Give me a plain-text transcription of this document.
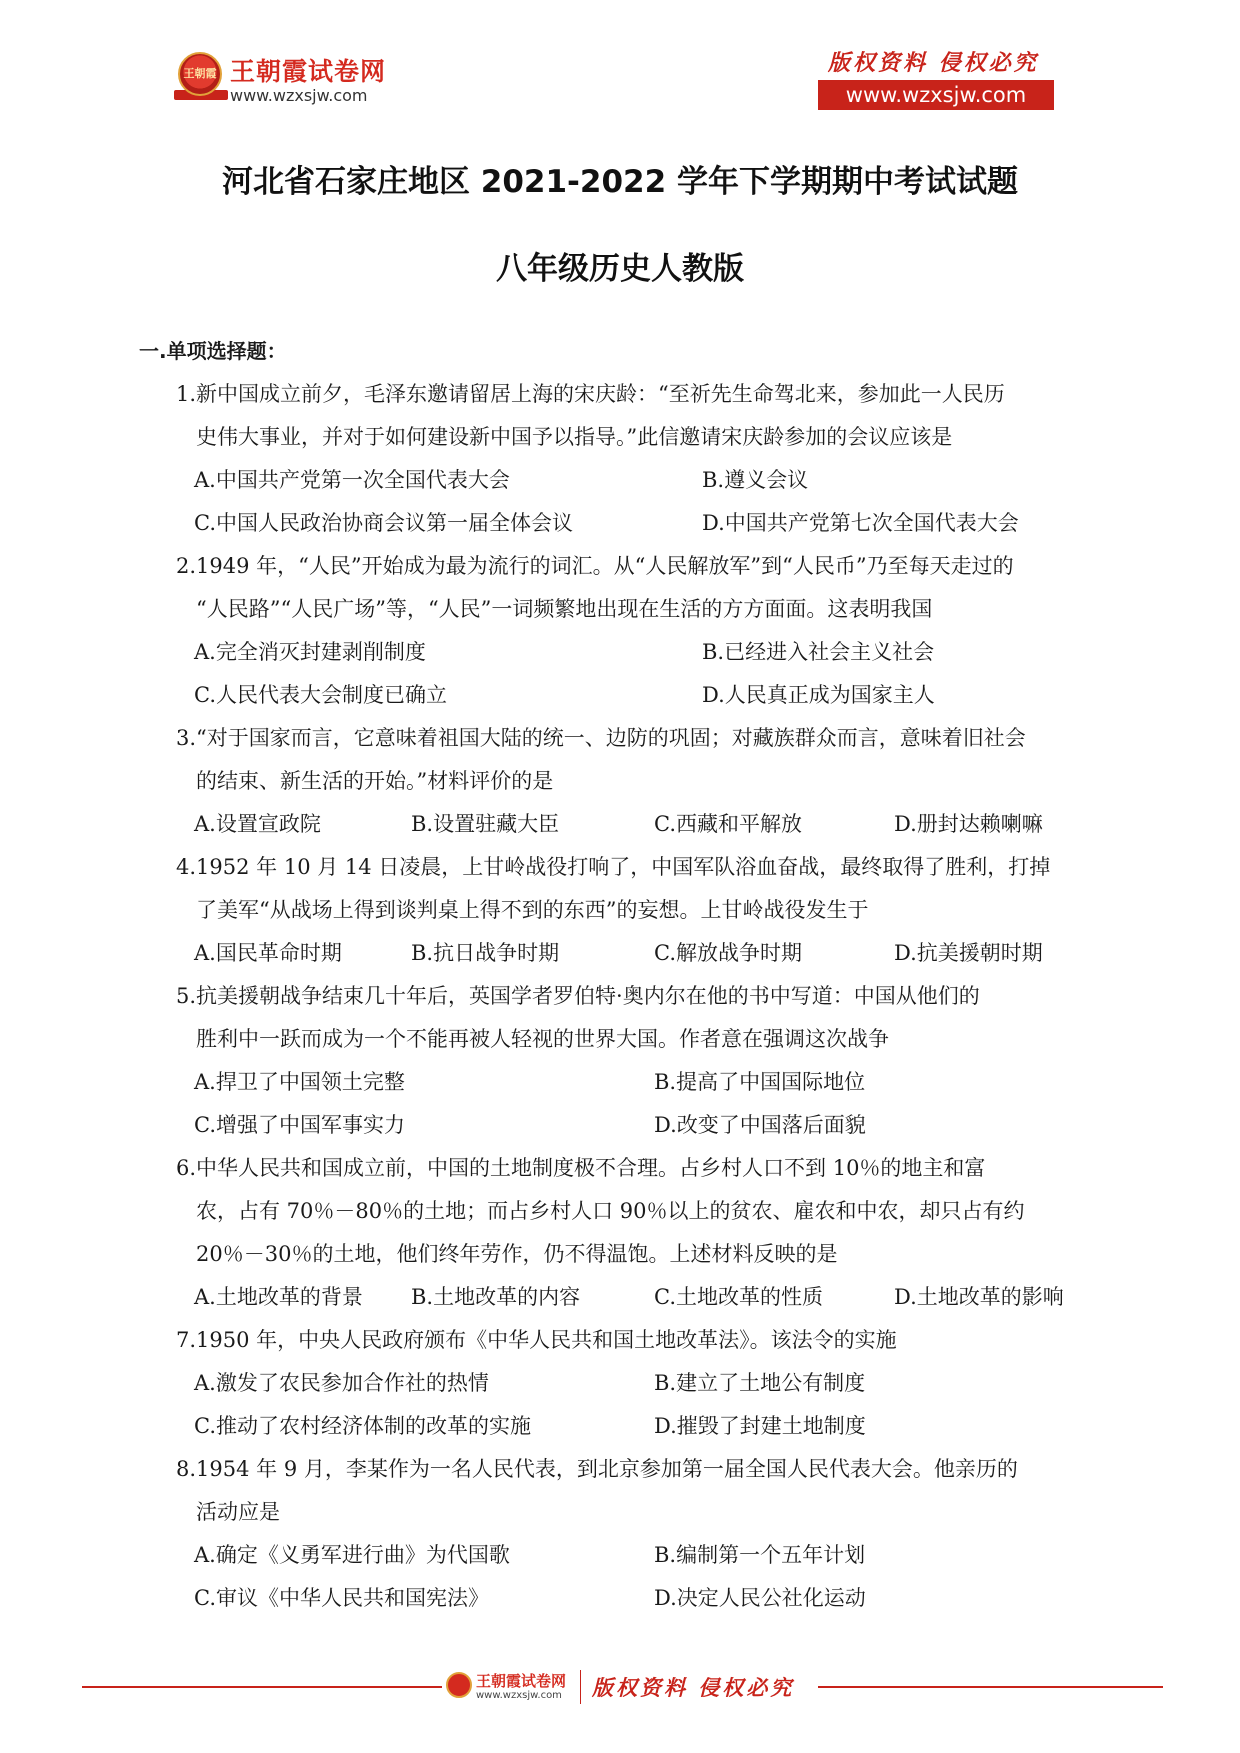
王朝霞 王朝霞试卷网
www.wzxsjw.com
版权资料 侵权必究
www.wzxsjw.com
河北省石家庄地区 2021-2022 学年下学期期中考试试题
八年级历史人教版
一.单项选择题：
1.新中国成立前夕，毛泽东邀请留居上海的宋庆龄：“至祈先生命驾北来，参加此一人民历
史伟大事业，并对于如何建设新中国予以指导。”此信邀请宋庆龄参加的会议应该是
A.中国共产党第一次全国代表大会	B.遵义会议
C.中国人民政治协商会议第一届全体会议	D.中国共产党第七次全国代表大会
2.1949 年，“人民”开始成为最为流行的词汇。从“人民解放军”到“人民币”乃至每天走过的
“人民路”“人民广场”等，“人民”一词频繁地出现在生活的方方面面。这表明我国
A.完全消灭封建剥削制度	B.已经进入社会主义社会
C.人民代表大会制度已确立	D.人民真正成为国家主人
3.“对于国家而言，它意味着祖国大陆的统一、边防的巩固；对藏族群众而言，意味着旧社会
的结束、新生活的开始。”材料评价的是
A.设置宣政院	B.设置驻藏大臣	C.西藏和平解放	D.册封达赖喇嘛
4.1952 年 10 月 14 日凌晨，上甘岭战役打响了，中国军队浴血奋战，最终取得了胜利，打掉
了美军“从战场上得到谈判桌上得不到的东西”的妄想。上甘岭战役发生于
A.国民革命时期	B.抗日战争时期	C.解放战争时期	D.抗美援朝时期
5.抗美援朝战争结束几十年后，英国学者罗伯特·奥内尔在他的书中写道：中国从他们的
胜利中一跃而成为一个不能再被人轻视的世界大国。作者意在强调这次战争
A.捍卫了中国领土完整	B.提高了中国国际地位
C.增强了中国军事实力	D.改变了中国落后面貌
6.中华人民共和国成立前，中国的土地制度极不合理。占乡村人口不到 10％的地主和富
农，占有 70％－80％的土地；而占乡村人口 90％以上的贫农、雇农和中农，却只占有约
20％－30％的土地，他们终年劳作，仍不得温饱。上述材料反映的是
A.土地改革的背景 B.土地改革的内容	C.土地改革的性质	D.土地改革的影响
7.1950 年，中央人民政府颁布《中华人民共和国土地改革法》。该法令的实施
A.激发了农民参加合作社的热情	B.建立了土地公有制度
C.推动了农村经济体制的改革的实施	D.摧毁了封建土地制度
8.1954 年 9 月，李某作为一名人民代表，到北京参加第一届全国人民代表大会。他亲历的
活动应是
A.确定《义勇军进行曲》为代国歌	B.编制第一个五年计划
C.审议《中华人民共和国宪法》	D.决定人民公社化运动
王朝霞试卷网
www.wzxsjw.com 版权资料 侵权必究
